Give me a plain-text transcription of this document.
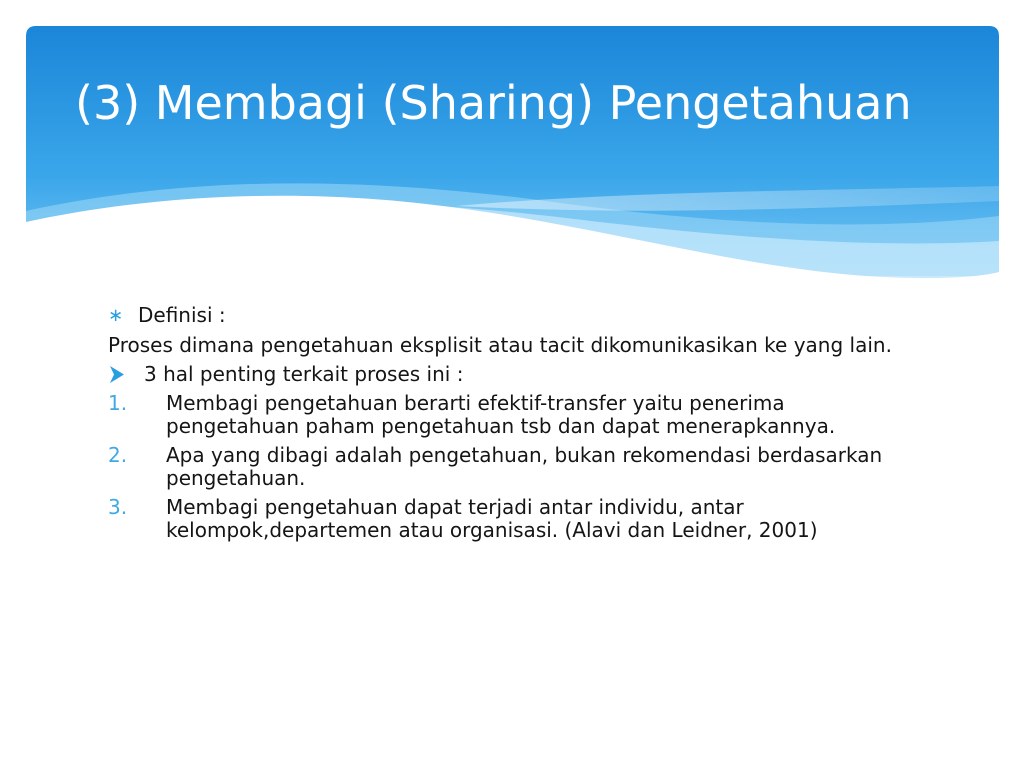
(3) Membagi (Sharing) Pengetahuan

∗ Definisi :

Proses dimana pengetahuan eksplisit atau tacit dikomunikasikan ke yang lain.

3 hal penting terkait proses ini :

1. Membagi pengetahuan berarti efektif-transfer yaitu penerima pengetahuan paham pengetahuan tsb dan dapat menerapkannya.

2. Apa yang dibagi adalah pengetahuan, bukan rekomendasi berdasarkan pengetahuan.

3. Membagi pengetahuan dapat terjadi antar individu, antar kelompok,departemen atau organisasi. (Alavi dan Leidner, 2001)
